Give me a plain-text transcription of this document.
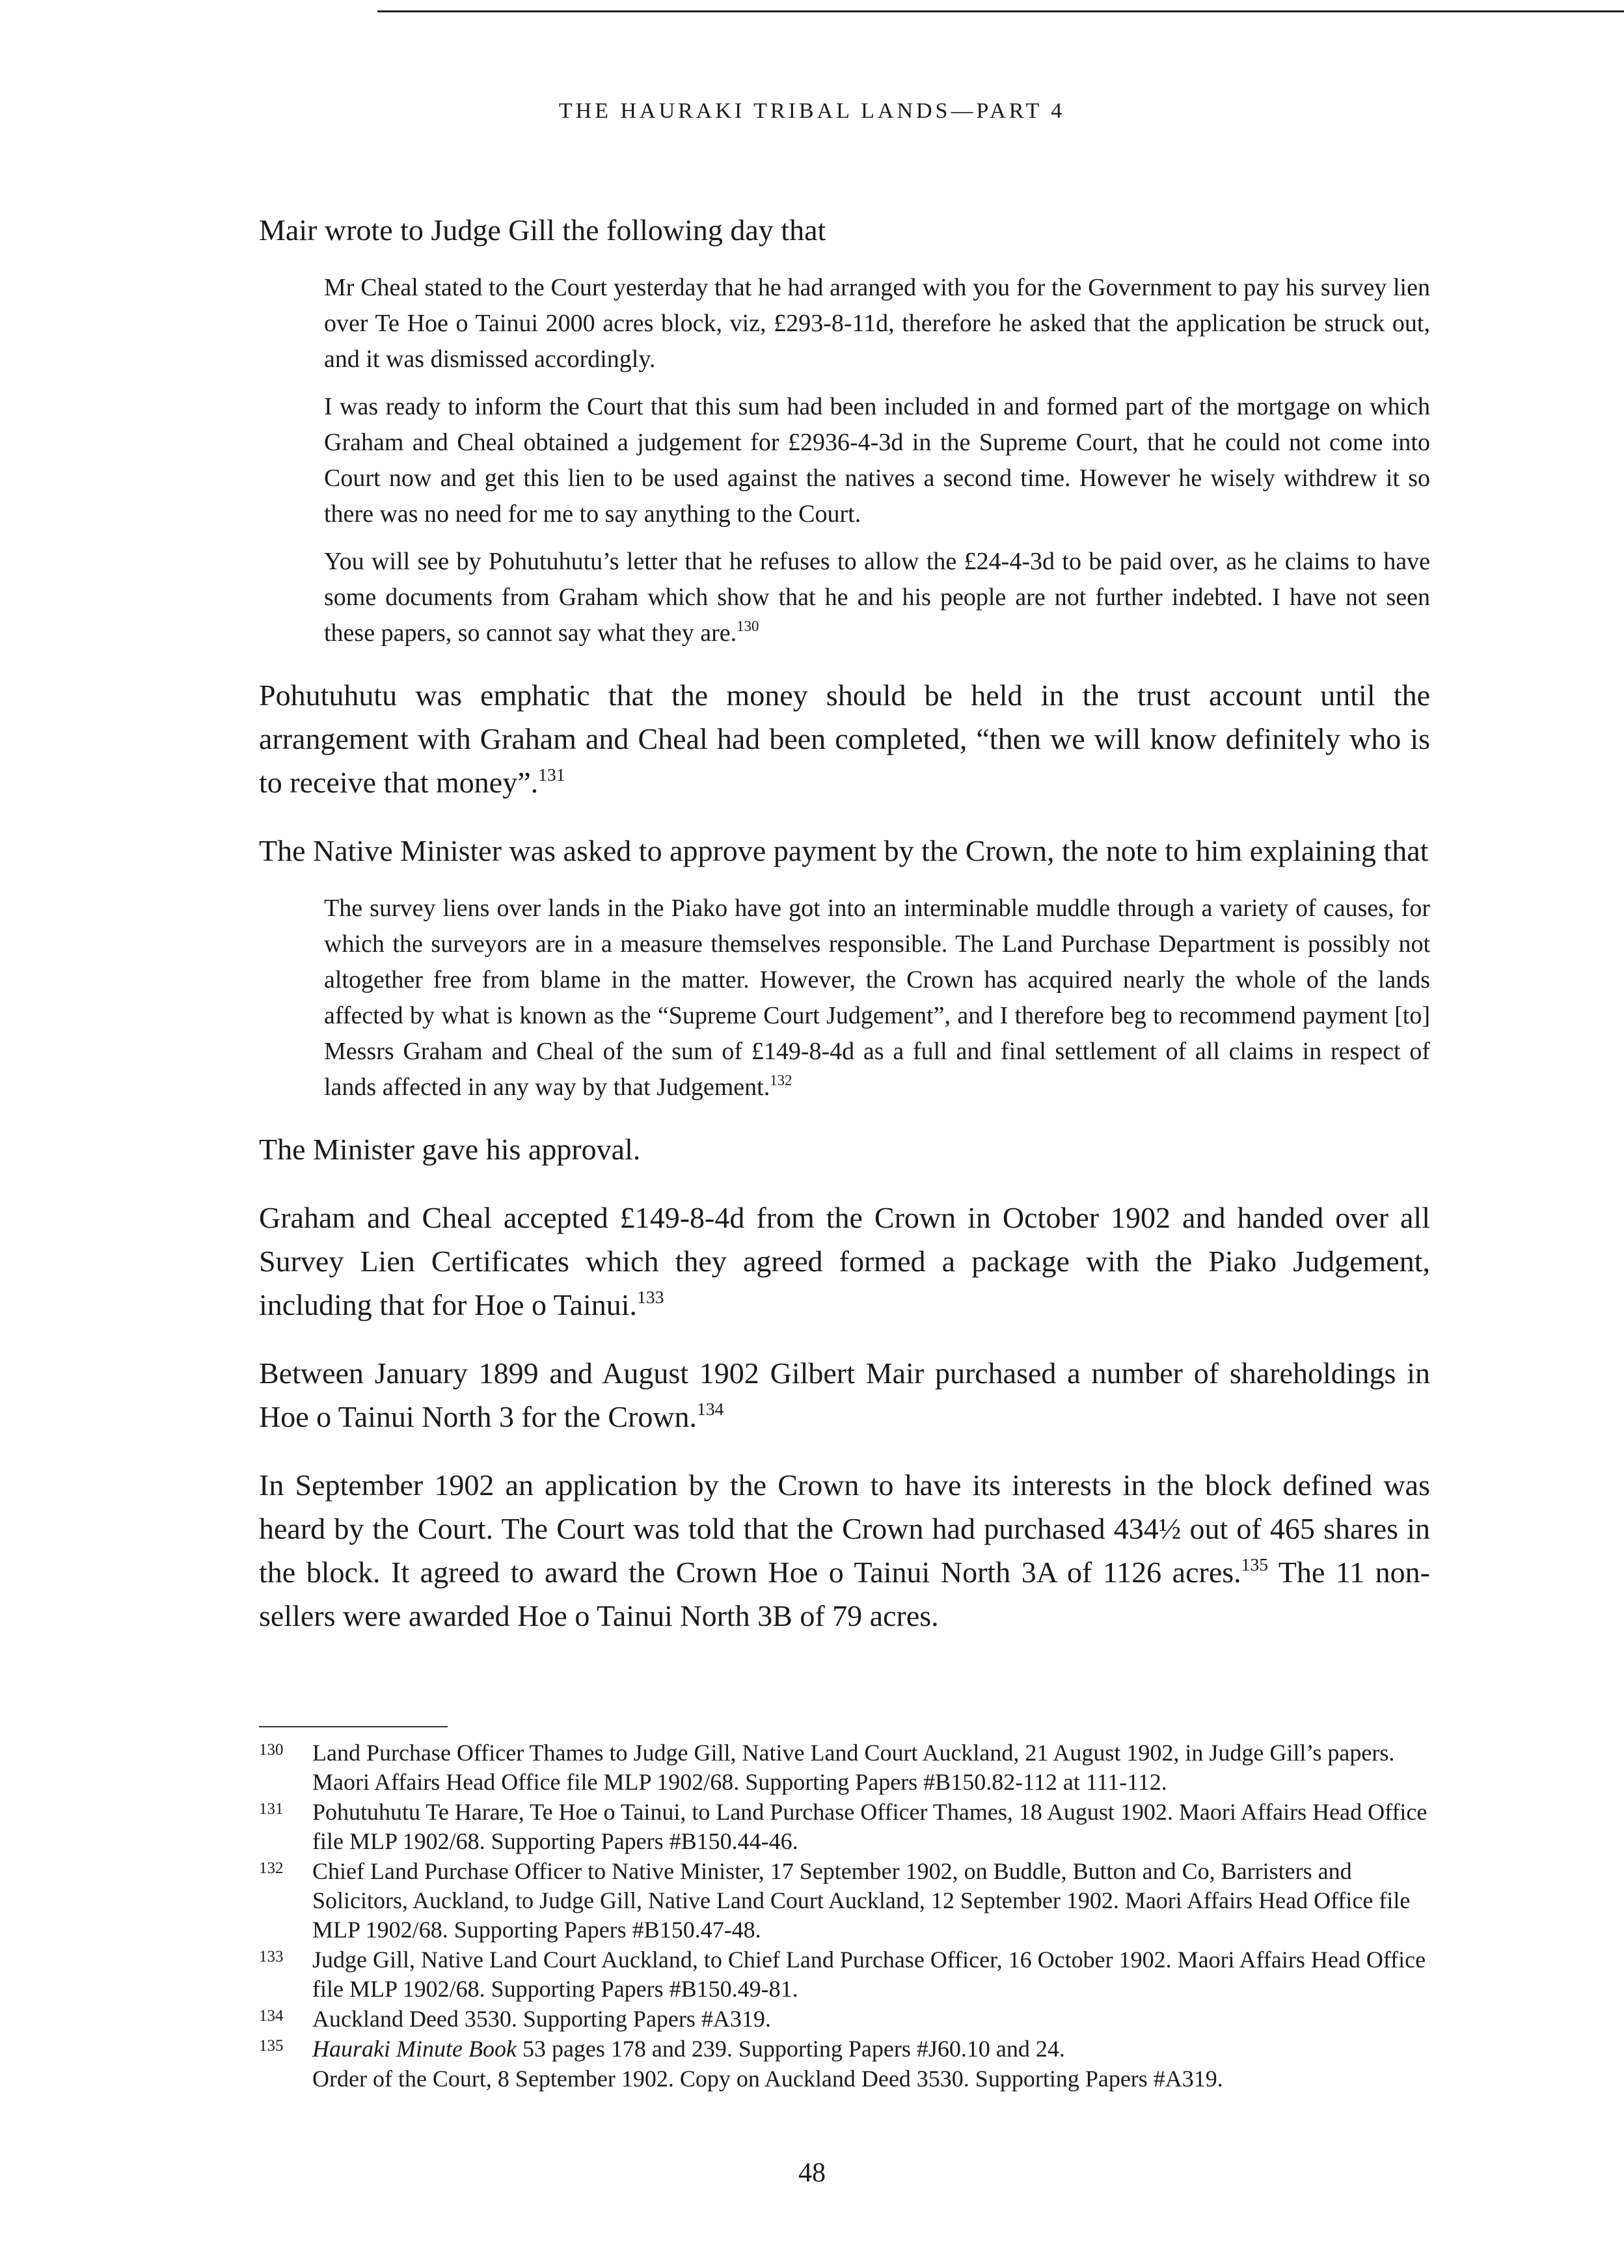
THE HAURAKI TRIBAL LANDS—PART 4

Mair wrote to Judge Gill the following day that

Mr Cheal stated to the Court yesterday that he had arranged with you for the Government to pay his survey lien over Te Hoe o Tainui 2000 acres block, viz, £293-8-11d, therefore he asked that the application be struck out, and it was dismissed accordingly.

I was ready to inform the Court that this sum had been included in and formed part of the mortgage on which Graham and Cheal obtained a judgement for £2936-4-3d in the Supreme Court, that he could not come into Court now and get this lien to be used against the natives a second time. However he wisely withdrew it so there was no need for me to say anything to the Court.

You will see by Pohutuhutu’s letter that he refuses to allow the £24-4-3d to be paid over, as he claims to have some documents from Graham which show that he and his people are not further indebted. I have not seen these papers, so cannot say what they are.$^{130}$

Pohutuhutu was emphatic that the money should be held in the trust account until the arrangement with Graham and Cheal had been completed, “then we will know definitely who is to receive that money”.$^{131}$

The Native Minister was asked to approve payment by the Crown, the note to him explaining that

The survey liens over lands in the Piako have got into an interminable muddle through a variety of causes, for which the surveyors are in a measure themselves responsible. The Land Purchase Department is possibly not altogether free from blame in the matter. However, the Crown has acquired nearly the whole of the lands affected by what is known as the “Supreme Court Judgement”, and I therefore beg to recommend payment [to] Messrs Graham and Cheal of the sum of £149-8-4d as a full and final settlement of all claims in respect of lands affected in any way by that Judgement.$^{132}$

The Minister gave his approval.

Graham and Cheal accepted £149-8-4d from the Crown in October 1902 and handed over all Survey Lien Certificates which they agreed formed a package with the Piako Judgement, including that for Hoe o Tainui.$^{133}$

Between January 1899 and August 1902 Gilbert Mair purchased a number of shareholdings in Hoe o Tainui North 3 for the Crown.$^{134}$

In September 1902 an application by the Crown to have its interests in the block defined was heard by the Court. The Court was told that the Crown had purchased 434½ out of 465 shares in the block. It agreed to award the Crown Hoe o Tainui North 3A of 1126 acres.$^{135}$ The 11 non-sellers were awarded Hoe o Tainui North 3B of 79 acres.

130	Land Purchase Officer Thames to Judge Gill, Native Land Court Auckland, 21 August 1902, in Judge Gill’s papers. Maori Affairs Head Office file MLP 1902/68. Supporting Papers #B150.82-112 at 111-112.
131	Pohutuhutu Te Harare, Te Hoe o Tainui, to Land Purchase Officer Thames, 18 August 1902. Maori Affairs Head Office file MLP 1902/68. Supporting Papers #B150.44-46.
132	Chief Land Purchase Officer to Native Minister, 17 September 1902, on Buddle, Button and Co, Barristers and Solicitors, Auckland, to Judge Gill, Native Land Court Auckland, 12 September 1902. Maori Affairs Head Office file MLP 1902/68. Supporting Papers #B150.47-48.
133	Judge Gill, Native Land Court Auckland, to Chief Land Purchase Officer, 16 October 1902. Maori Affairs Head Office file MLP 1902/68. Supporting Papers #B150.49-81.
134	Auckland Deed 3530. Supporting Papers #A319.
135	Hauraki Minute Book 53 pages 178 and 239. Supporting Papers #J60.10 and 24.
Order of the Court, 8 September 1902. Copy on Auckland Deed 3530. Supporting Papers #A319.
48
